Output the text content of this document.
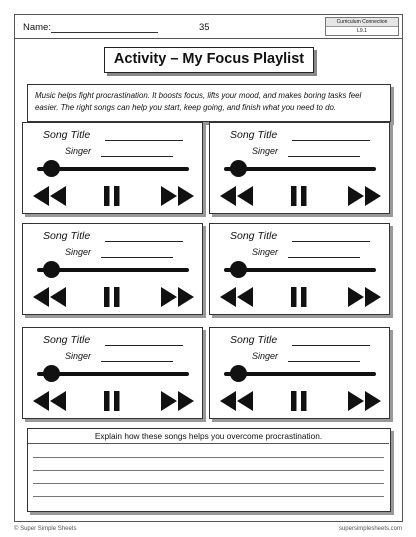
Name:	35	Curriculum Connection
L9.1
Activity – My Focus Playlist
Music helps fight procrastination. It boosts focus, lifts your mood, and makes boring tasks feel easier. The right songs can help you start, keep going, and finish what you need to do.
Song Title
Singer
Song Title
Singer
Song Title
Singer
Song Title
Singer
Song Title
Singer
Song Title
Singer
Explain how these songs helps you overcome procrastination.
© Super Simple Sheets	supersimplesheets.com
